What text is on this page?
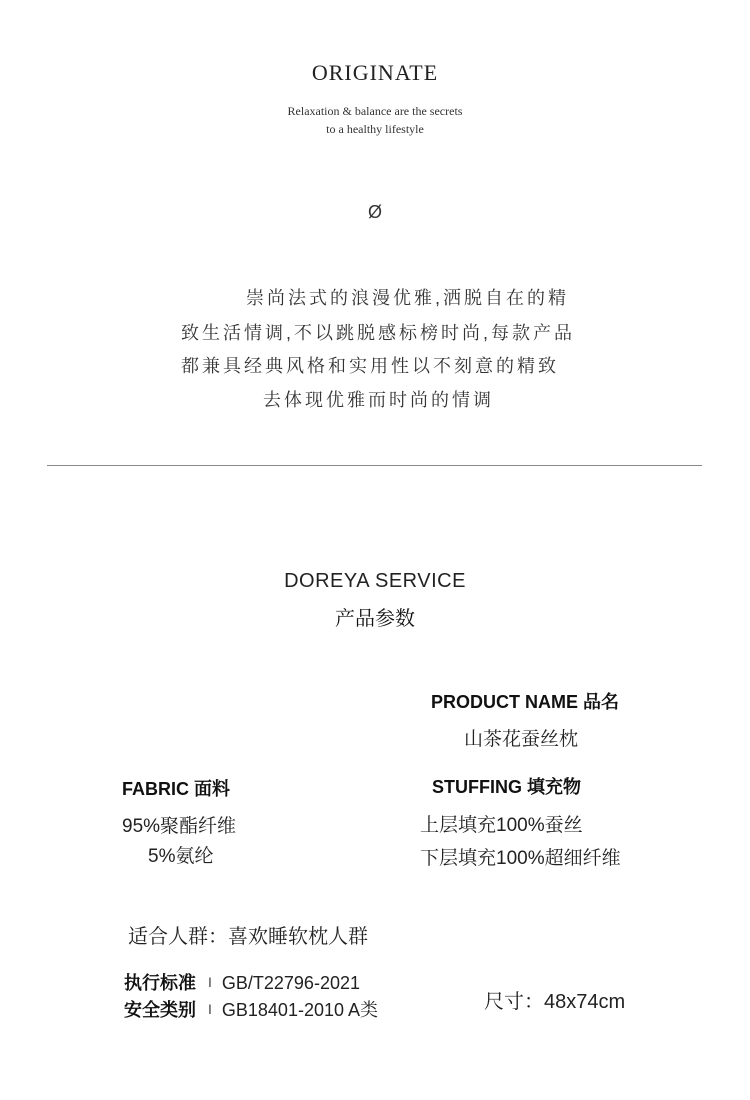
ORIGINATE
Relaxation & balance are the secrets
to a healthy lifestyle
Ø
崇尚法式的浪漫优雅,洒脱自在的精
致生活情调,不以跳脱感标榜时尚,每款产品
都兼具经典风格和实用性以不刻意的精致
去体现优雅而时尚的情调
DOREYA SERVICE
产品参数
PRODUCT NAME 品名
山茶花蚕丝枕
FABRIC 面料
95%聚酯纤维
5%氨纶
STUFFING 填充物
上层填充100%蚕丝
下层填充100%超细纤维
适合人群：喜欢睡软枕人群
执行标准 I GB/T22796-2021
安全类别 I GB18401-2010 A类	尺寸：48x74cm
